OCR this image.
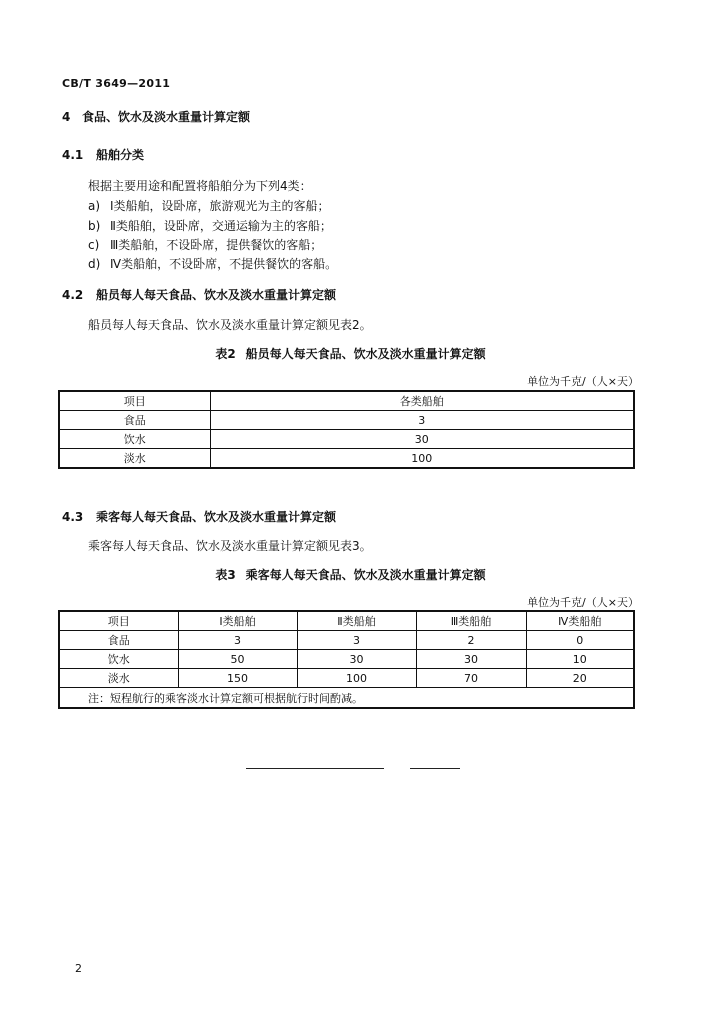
CB/T 3649—2011
4 食品、饮水及淡水重量计算定额
4.1 船舶分类
根据主要用途和配置将船舶分为下列4类：
a) Ⅰ类船舶，设卧席，旅游观光为主的客船；
b) Ⅱ类船舶，设卧席，交通运输为主的客船；
c) Ⅲ类船舶，不设卧席，提供餐饮的客船；
d) Ⅳ类船舶，不设卧席，不提供餐饮的客船。
4.2 船员每人每天食品、饮水及淡水重量计算定额
船员每人每天食品、饮水及淡水重量计算定额见表2。
表2 船员每人每天食品、饮水及淡水重量计算定额
单位为千克/（人×天）
项目	各类船舶
食品	3
饮水	30
淡水	100
4.3 乘客每人每天食品、饮水及淡水重量计算定额
乘客每人每天食品、饮水及淡水重量计算定额见表3。
表3 乘客每人每天食品、饮水及淡水重量计算定额
单位为千克/（人×天）
项目	Ⅰ类船舶	Ⅱ类船舶	Ⅲ类船舶	Ⅳ类船舶
食品	3	3	2	0
饮水	50	30	30	10
淡水	150	100	70	20
注：短程航行的乘客淡水计算定额可根据航行时间酌减。				
2
